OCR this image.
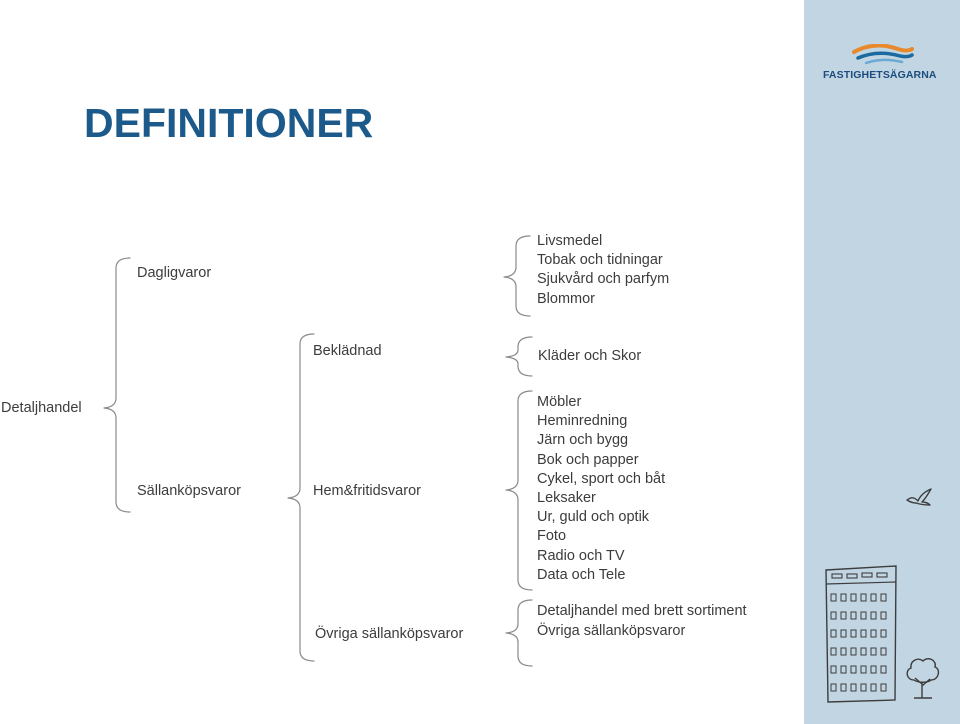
FASTIGHETSÄGARNA
DEFINITIONER
Detaljhandel
Dagligvaror
Sällanköpsvaror
Beklädnad
Hem&fritidsvaror
Övriga sällanköpsvaror
Livsmedel
Tobak och tidningar
Sjukvård och parfym
Blommor
Kläder och Skor
Möbler
Heminredning
Järn och bygg
Bok och papper
Cykel, sport och båt
Leksaker
Ur, guld och optik
Foto
Radio och TV
Data och Tele
Detaljhandel med brett sortiment
Övriga sällanköpsvaror
